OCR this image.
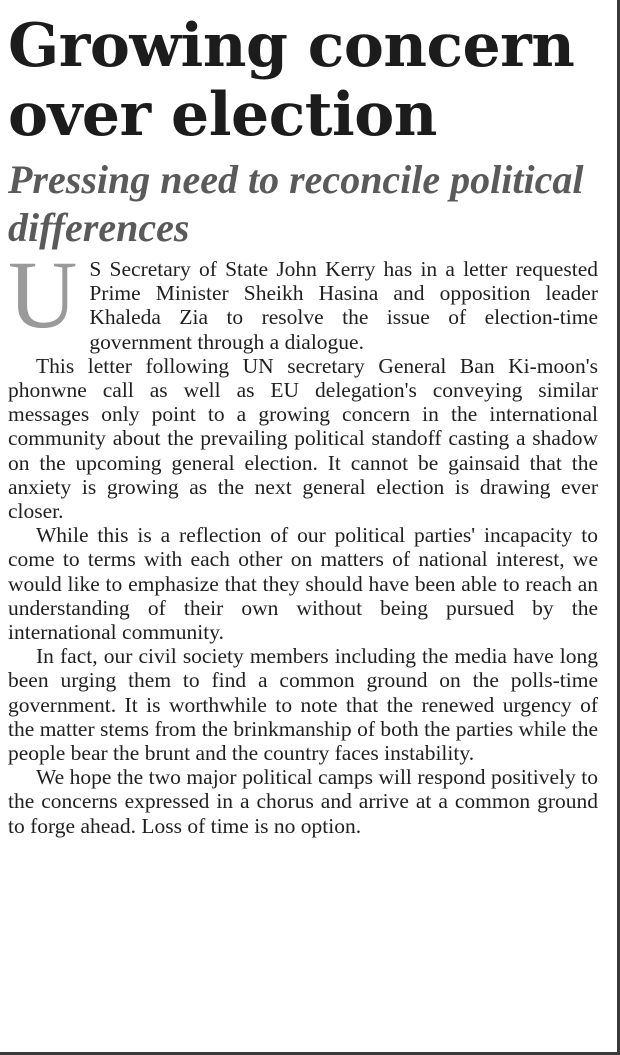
Growing concern over election
Pressing need to reconcile political differences

U S Secretary of State John Kerry has in a letter requested Prime Minister Sheikh Hasina and opposition leader Khaleda Zia to resolve the issue of election-time government through a dialogue.

This letter following UN secretary General Ban Ki-moon's phonwne call as well as EU delegation's conveying similar messages only point to a growing concern in the international community about the prevailing political standoff casting a shadow on the upcoming general election. It cannot be gainsaid that the anxiety is growing as the next general election is drawing ever closer.

While this is a reflection of our political parties' incapacity to come to terms with each other on matters of national interest, we would like to emphasize that they should have been able to reach an understanding of their own without being pursued by the international community.

In fact, our civil society members including the media have long been urging them to find a common ground on the polls-time government. It is worthwhile to note that the renewed urgency of the matter stems from the brinkmanship of both the parties while the people bear the brunt and the country faces instability.

We hope the two major political camps will respond positively to the concerns expressed in a chorus and arrive at a common ground to forge ahead. Loss of time is no option.
